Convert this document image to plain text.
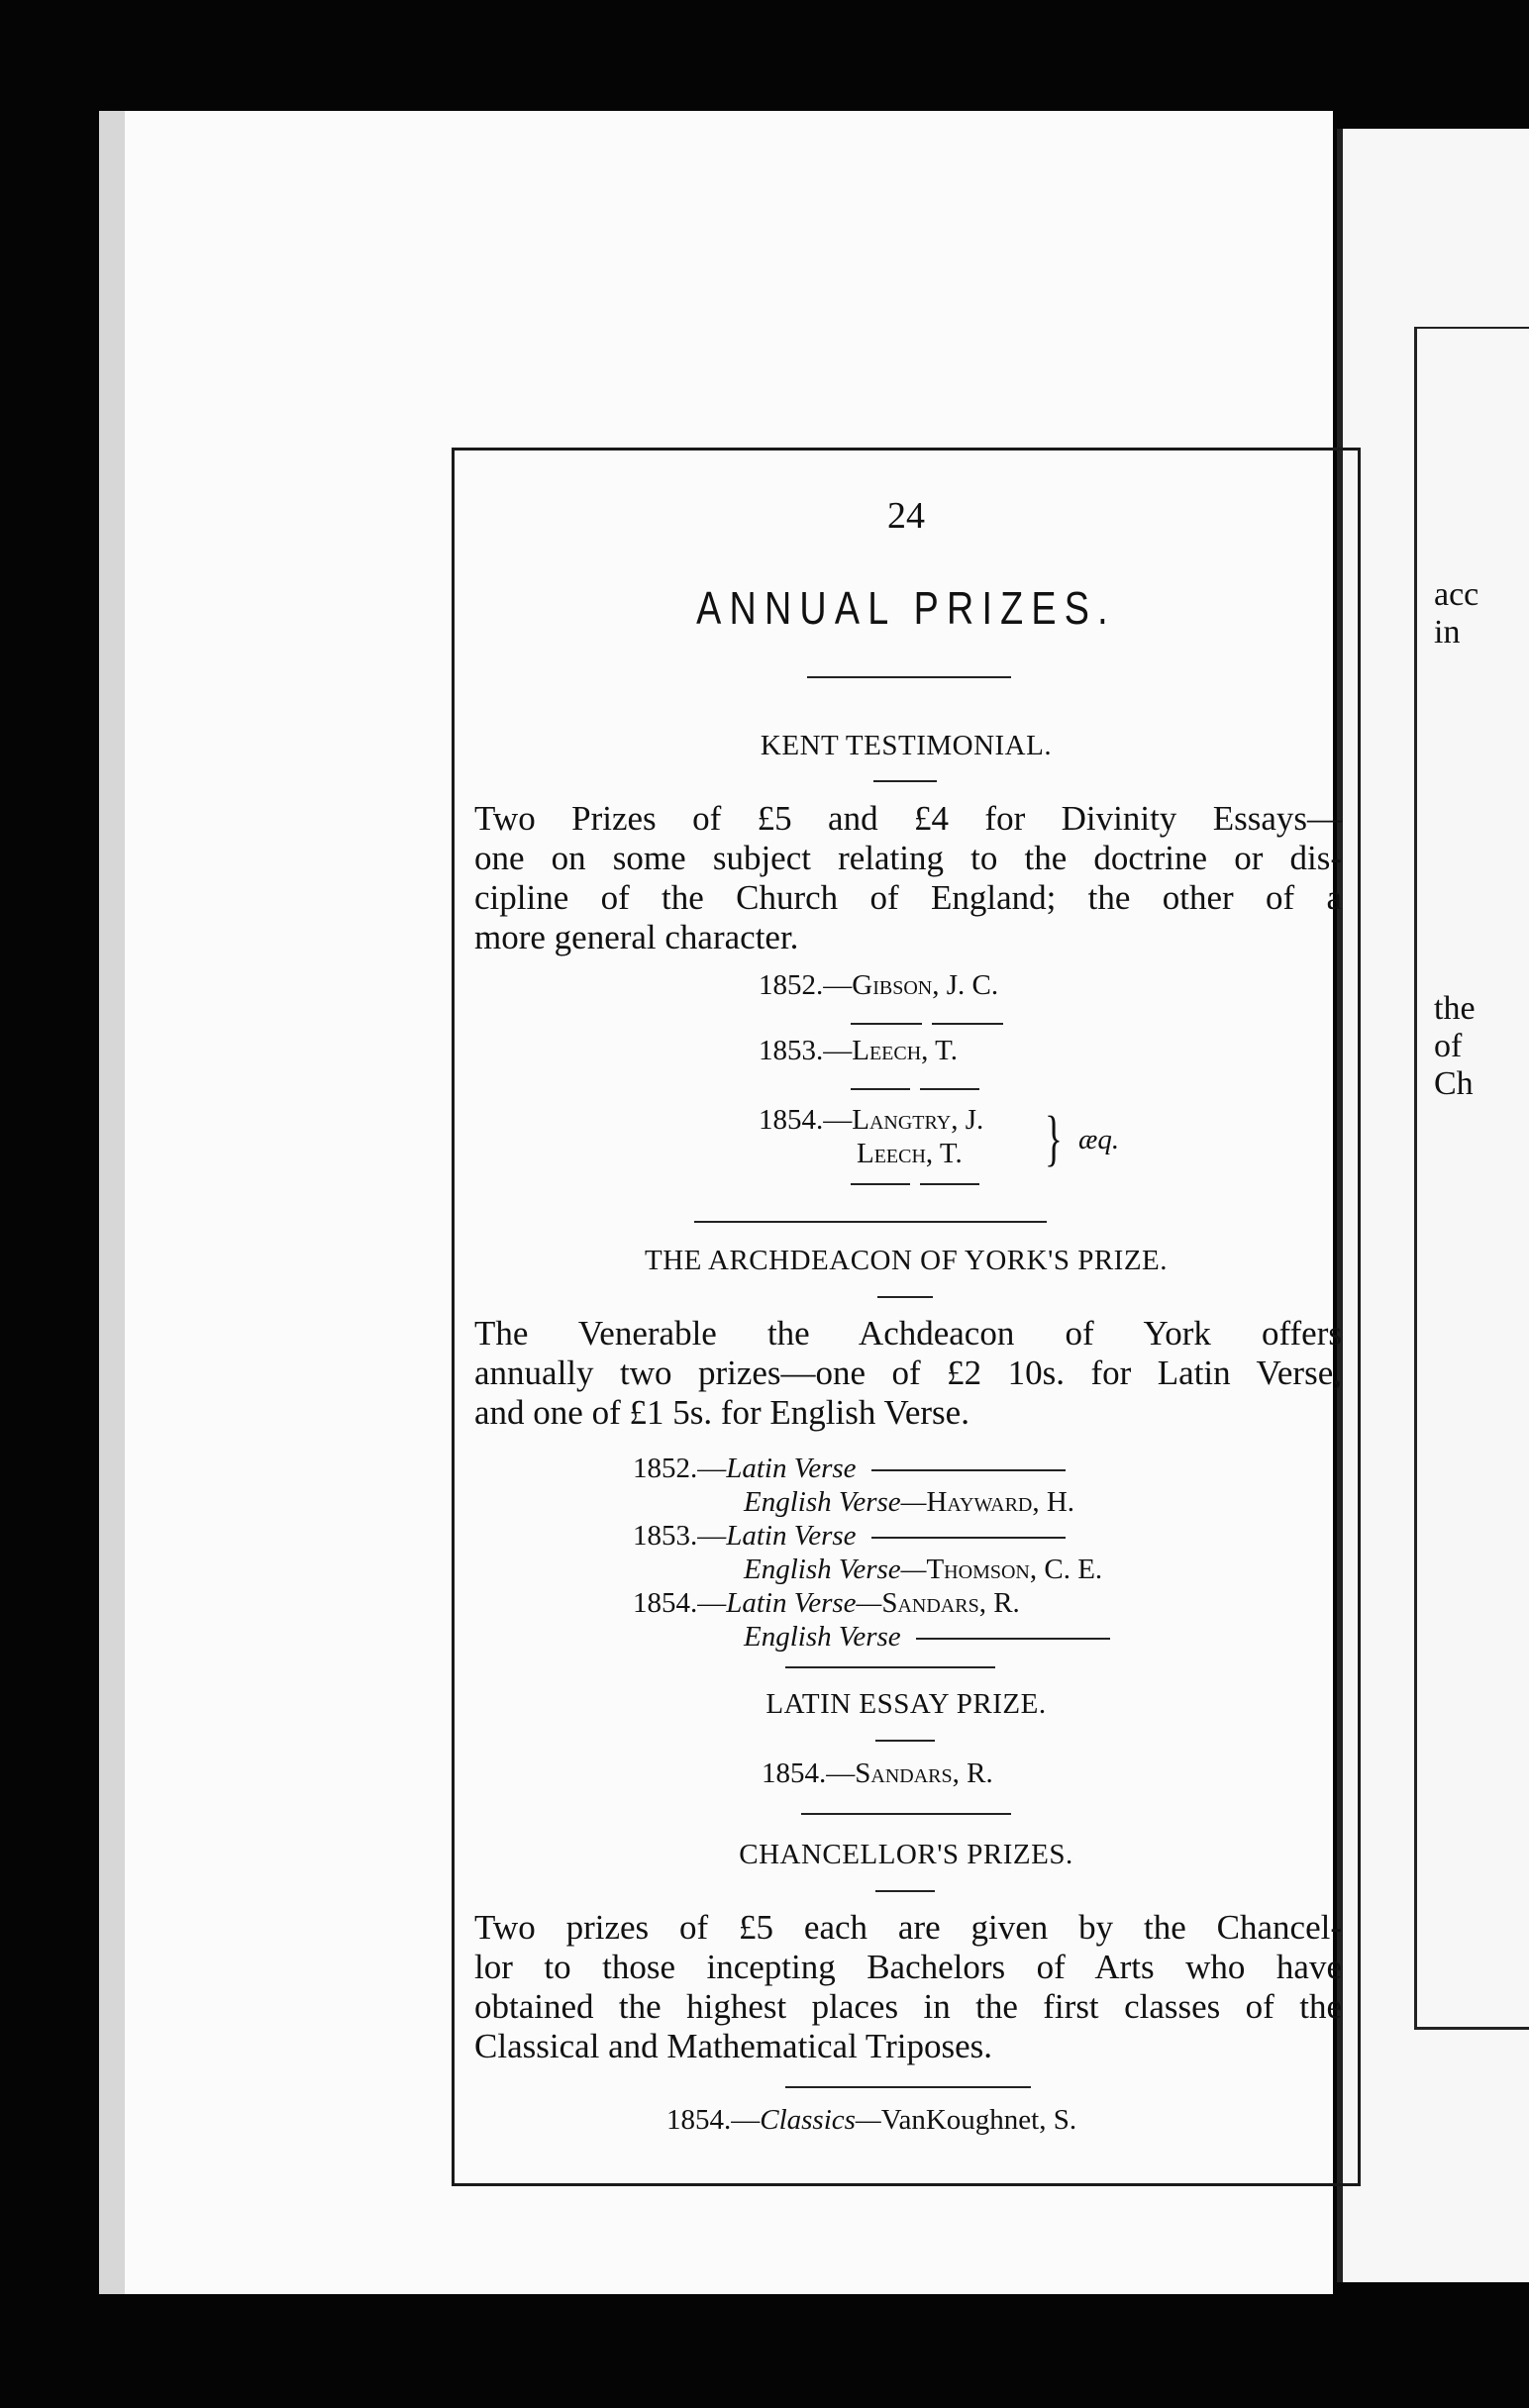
acc
in
the
of
Ch
24
ANNUAL PRIZES.
KENT TESTIMONIAL.
Two Prizes of £5 and £4 for Divinity Essays—
one on some subject relating to the doctrine or dis-
cipline of the Church of England; the other of a
more general character.
1852.—Gibson, J. C.
1853.—Leech, T.
1854.—Langtry, J.
Leech, T. } æq.
THE ARCHDEACON OF YORK'S PRIZE.
The Venerable the Achdeacon of York offers
annually two prizes—one of £2 10s. for Latin Verse,
and one of £1 5s. for English Verse.
1852.—Latin Verse
English Verse—Hayward, H.
1853.—Latin Verse
English Verse—Thomson, C. E.
1854.—Latin Verse—Sandars, R.
English Verse
LATIN ESSAY PRIZE.
1854.—Sandars, R.
CHANCELLOR'S PRIZES.
Two prizes of £5 each are given by the Chancel-
lor to those incepting Bachelors of Arts who have
obtained the highest places in the first classes of the
Classical and Mathematical Triposes.
1854.—Classics—VanKoughnet, S.
